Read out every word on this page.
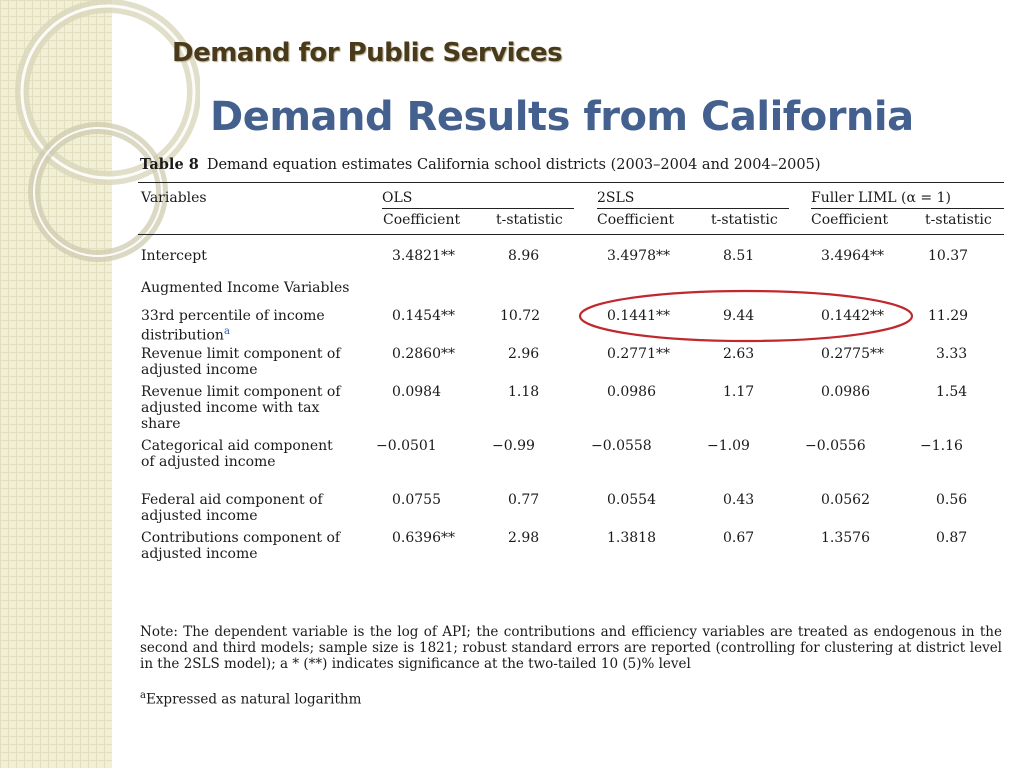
Demand for Public Services
Demand Results from California
Table 8 Demand equation estimates California school districts (2003–2004 and 2004–2005)
Variables	OLS	2SLS	Fuller LIML (α = 1)
Coefficient	t-statistic Coefficient	t-statistic Coefficient	t-statistic
Intercept	3.4821**	8.96	3.4978**	8.51	3.4964**	10.37
Augmented Income Variables
33rd percentile of income distribution$^a$
0.1454**	10.72	0.1441**	9.44	0.1442**	11.29
Revenue limit component of adjusted income
0.2860**	2.96	0.2771**	2.63	0.2775**	3.33
Revenue limit component of adjusted income with tax share
0.0984	1.18	0.0986	1.17	0.0986	1.54
Categorical aid component of adjusted income
−0.0501	−0.99	−0.0558	−1.09	−0.0556	−1.16
Federal aid component of adjusted income
0.0755	0.77	0.0554	0.43	0.0562	0.56
Contributions component of adjusted income
0.6396**	2.98	1.3818	0.67	1.3576	0.87
Note: The dependent variable is the log of API; the contributions and efficiency variables are treated as endogenous in the second and third models; sample size is 1821; robust standard errors are reported (controlling for clustering at district level in the 2SLS model); a * (**) indicates significance at the two-tailed 10 (5)% level
$^a$Expressed as natural logarithm
